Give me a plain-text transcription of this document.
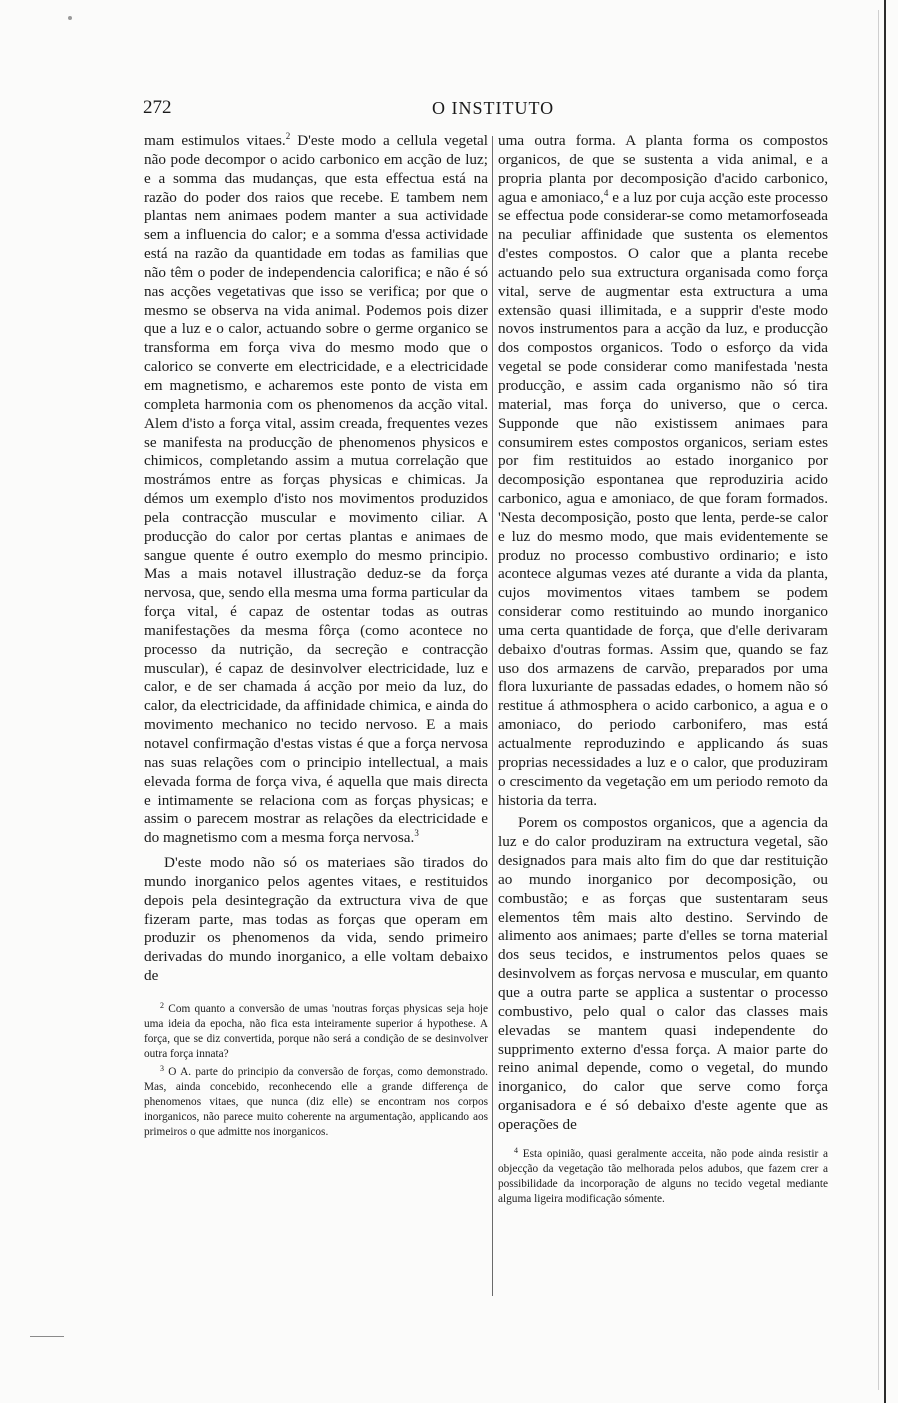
272	O INSTITUTO

mam estimulos vitaes.$^2$ D'este modo a cellula vegetal não pode decompor o acido carbonico em acção de luz; e a somma das mudanças, que esta effectua está na razão do poder dos raios que recebe. E tambem nem plantas nem animaes podem manter a sua actividade sem a influencia do calor; e a somma d'essa actividade está na razão da quantidade em todas as familias que não têm o poder de independencia calorifica; e não é só nas acções vegetativas que isso se verifica; por que o mesmo se observa na vida animal. Podemos pois dizer que a luz e o calor, actuando sobre o germe organico se transforma em força viva do mesmo modo que o calorico se converte em electricidade, e a electricidade em magnetismo, e acharemos este ponto de vista em completa harmonia com os phenomenos da acção vital. Alem d'isto a força vital, assim creada, frequentes vezes se manifesta na producção de phenomenos physicos e chimicos, completando assim a mutua correlação que mostrámos entre as forças physicas e chimicas. Ja démos um exemplo d'isto nos movimentos produzidos pela contracção muscular e movimento ciliar. A producção do calor por certas plantas e animaes de sangue quente é outro exemplo do mesmo principio. Mas a mais notavel illustração deduz-se da força nervosa, que, sendo ella mesma uma forma particular da força vital, é capaz de ostentar todas as outras manifestações da mesma fôrça (como acontece no processo da nutrição, da secreção e contracção muscular), é capaz de desinvolver electricidade, luz e calor, e de ser chamada á acção por meio da luz, do calor, da electricidade, da affinidade chimica, e ainda do movimento mechanico no tecido nervoso. E a mais notavel confirmação d'estas vistas é que a força nervosa nas suas relações com o principio intellectual, a mais elevada forma de força viva, é aquella que mais directa e intimamente se relaciona com as forças physicas; e assim o parecem mostrar as relações da electricidade e do magnetismo com a mesma força nervosa.$^3$

D'este modo não só os materiaes são tirados do mundo inorganico pelos agentes vitaes, e restituidos depois pela desintegração da extructura viva de que fizeram parte, mas todas as forças que operam em produzir os phenomenos da vida, sendo primeiro derivadas do mundo inorganico, a elle voltam debaixo de

$^2$ Com quanto a conversão de umas 'noutras forças physicas seja hoje uma ideia da epocha, não fica esta inteiramente superior á hypothese. A força, que se diz convertida, porque não será a condição de se desinvolver outra força innata?

$^3$ O A. parte do principio da conversão de forças, como demonstrado. Mas, ainda concebido, reconhecendo elle a grande differença de phenomenos vitaes, que nunca (diz elle) se encontram nos corpos inorganicos, não parece muito coherente na argumentação, applicando aos primeiros o que admitte nos inorganicos.

uma outra forma. A planta forma os compostos organicos, de que se sustenta a vida animal, e a propria planta por decomposição d'acido carbonico, agua e amoniaco,$^4$ e a luz por cuja acção este processo se effectua pode considerar-se como metamorfoseada na peculiar affinidade que sustenta os elementos d'estes compostos. O calor que a planta recebe actuando pelo sua extructura organisada como força vital, serve de augmentar esta extructura a uma extensão quasi illimitada, e a supprir d'este modo novos instrumentos para a acção da luz, e producção dos compostos organicos. Todo o esforço da vida vegetal se pode considerar como manifestada 'nesta producção, e assim cada organismo não só tira material, mas força do universo, que o cerca. Supponde que não existissem animaes para consumirem estes compostos organicos, seriam estes por fim restituidos ao estado inorganico por decomposição espontanea que reproduziria acido carbonico, agua e amoniaco, de que foram formados. 'Nesta decomposição, posto que lenta, perde-se calor e luz do mesmo modo, que mais evidentemente se produz no processo combustivo ordinario; e isto acontece algumas vezes até durante a vida da planta, cujos movimentos vitaes tambem se podem considerar como restituindo ao mundo inorganico uma certa quantidade de força, que d'elle derivaram debaixo d'outras formas. Assim que, quando se faz uso dos armazens de carvão, preparados por uma flora luxuriante de passadas edades, o homem não só restitue á athmosphera o acido carbonico, a agua e o amoniaco, do periodo carbonifero, mas está actualmente reproduzindo e applicando ás suas proprias necessidades a luz e o calor, que produziram o crescimento da vegetação em um periodo remoto da historia da terra.

Porem os compostos organicos, que a agencia da luz e do calor produziram na extructura vegetal, são designados para mais alto fim do que dar restituição ao mundo inorganico por decomposição, ou combustão; e as forças que sustentaram seus elementos têm mais alto destino. Servindo de alimento aos animaes; parte d'elles se torna material dos seus tecidos, e instrumentos pelos quaes se desinvolvem as forças nervosa e muscular, em quanto que a outra parte se applica a sustentar o processo combustivo, pelo qual o calor das classes mais elevadas se mantem quasi independente do supprimento externo d'essa força. A maior parte do reino animal depende, como o vegetal, do mundo inorganico, do calor que serve como força organisadora e é só debaixo d'este agente que as operações de

$^4$ Esta opinião, quasi geralmente acceita, não pode ainda resistir a objecção da vegetação tão melhorada pelos adubos, que fazem crer a possibilidade da incorporação de alguns no tecido vegetal mediante alguma ligeira modificação sómente.
